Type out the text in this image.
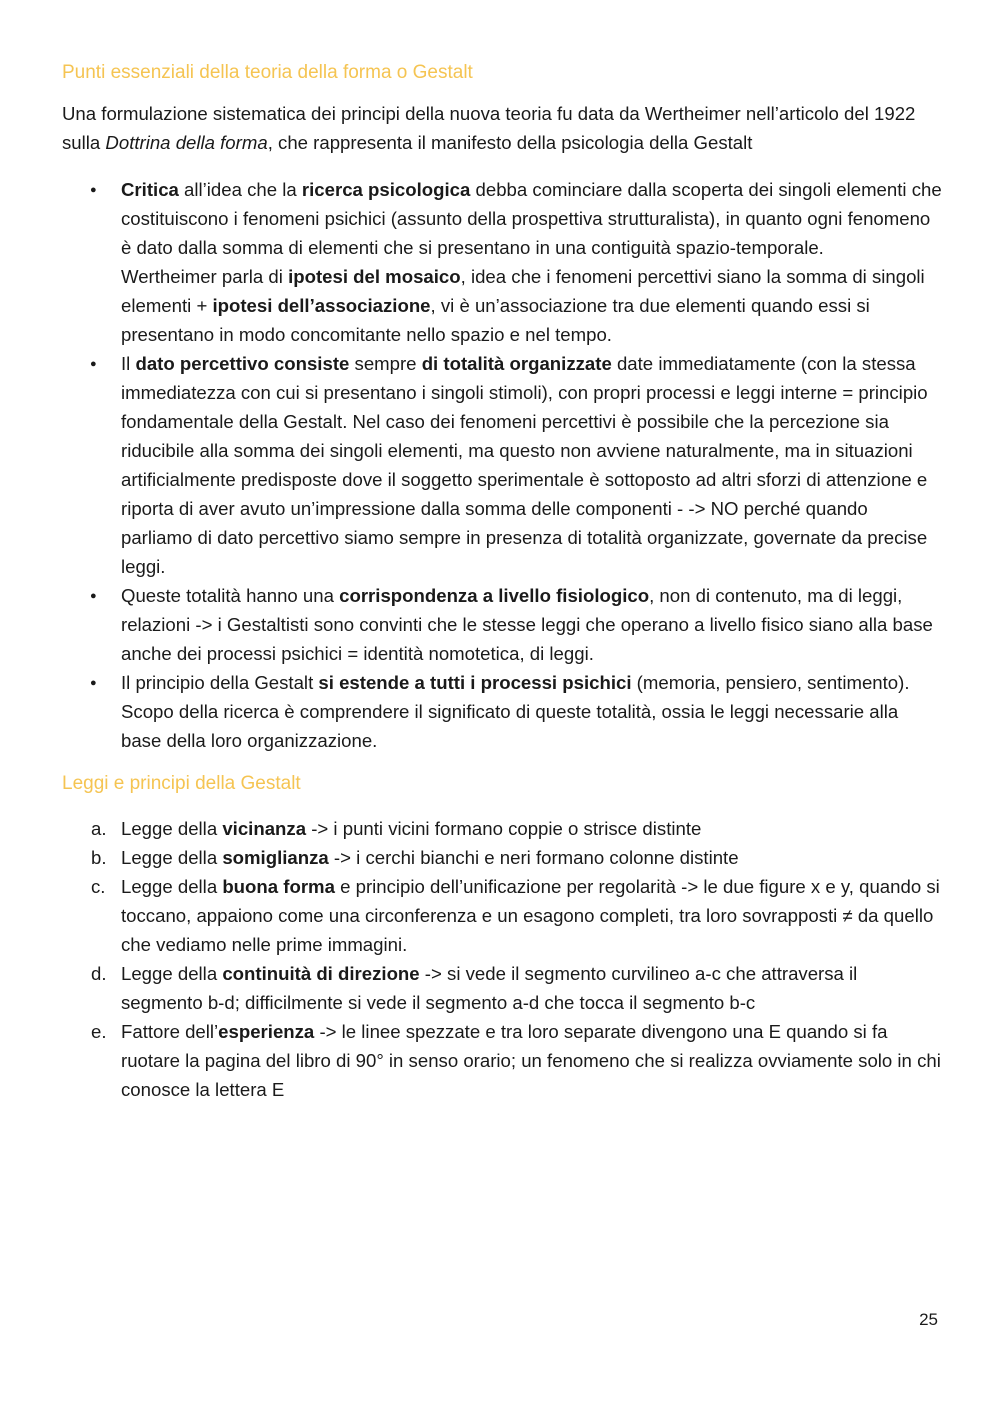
Punti essenziali della teoria della forma o Gestalt

Una formulazione sistematica dei principi della nuova teoria fu data da Wertheimer nell’articolo del 1922 sulla Dottrina della forma, che rappresenta il manifesto della psicologia della Gestalt

● Critica all’idea che la ricerca psicologica debba cominciare dalla scoperta dei singoli elementi che costituiscono i fenomeni psichici (assunto della prospettiva strutturalista), in quanto ogni fenomeno è dato dalla somma di elementi che si presentano in una contiguità spazio-temporale.
Wertheimer parla di ipotesi del mosaico, idea che i fenomeni percettivi siano la somma di singoli elementi + ipotesi dell’associazione, vi è un’associazione tra due elementi quando essi si presentano in modo concomitante nello spazio e nel tempo.
● Il dato percettivo consiste sempre di totalità organizzate date immediatamente (con la stessa immediatezza con cui si presentano i singoli stimoli), con propri processi e leggi interne = principio fondamentale della Gestalt. Nel caso dei fenomeni percettivi è possibile che la percezione sia riducibile alla somma dei singoli elementi, ma questo non avviene naturalmente, ma in situazioni artificialmente predisposte dove il soggetto sperimentale è sottoposto ad altri sforzi di attenzione e riporta di aver avuto un’impressione dalla somma delle componenti - -> NO perché quando parliamo di dato percettivo siamo sempre in presenza di totalità organizzate, governate da precise leggi.
● Queste totalità hanno una corrispondenza a livello fisiologico, non di contenuto, ma di leggi, relazioni -> i Gestaltisti sono convinti che le stesse leggi che operano a livello fisico siano alla base anche dei processi psichici = identità nomotetica, di leggi.
● Il principio della Gestalt si estende a tutti i processi psichici (memoria, pensiero, sentimento). Scopo della ricerca è comprendere il significato di queste totalità, ossia le leggi necessarie alla base della loro organizzazione.
Leggi e principi della Gestalt
a. Legge della vicinanza -> i punti vicini formano coppie o strisce distinte
b. Legge della somiglianza -> i cerchi bianchi e neri formano colonne distinte
c. Legge della buona forma e principio dell’unificazione per regolarità -> le due figure x e y, quando si toccano, appaiono come una circonferenza e un esagono completi, tra loro sovrapposti ≠ da quello che vediamo nelle prime immagini.
d. Legge della continuità di direzione -> si vede il segmento curvilineo a-c che attraversa il segmento b-d; difficilmente si vede il segmento a-d che tocca il segmento b-c
e. Fattore dell’esperienza -> le linee spezzate e tra loro separate divengono una E quando si fa ruotare la pagina del libro di 90° in senso orario; un fenomeno che si realizza ovviamente solo in chi conosce la lettera E
25
